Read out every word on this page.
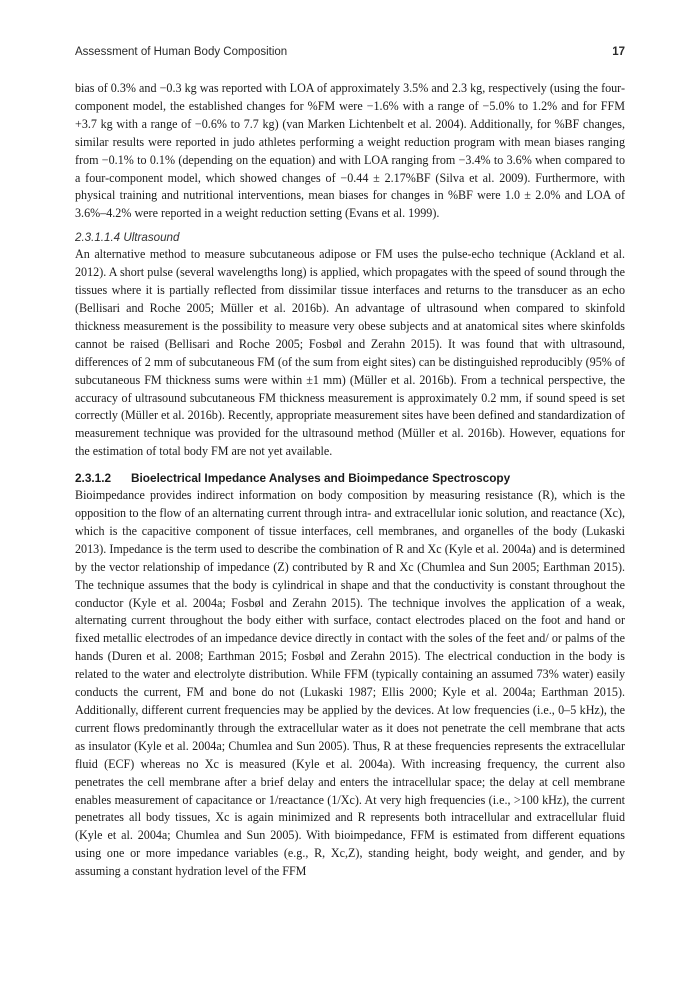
Assessment of Human Body Composition	17

bias of 0.3% and −0.3 kg was reported with LOA of approximately 3.5% and 2.3 kg, respectively (using the four-component model, the established changes for %FM were −1.6% with a range of −5.0% to 1.2% and for FFM +3.7 kg with a range of −0.6% to 7.7 kg) (van Marken Lichtenbelt et al. 2004). Additionally, for %BF changes, similar results were reported in judo athletes performing a weight reduction program with mean biases ranging from −0.1% to 0.1% (depending on the equation) and with LOA ranging from −3.4% to 3.6% when compared to a four-component model, which showed changes of −0.44 ± 2.17%BF (Silva et al. 2009). Furthermore, with physical training and nutritional interventions, mean biases for changes in %BF were 1.0 ± 2.0% and LOA of 3.6%–4.2% were reported in a weight reduction setting (Evans et al. 1999).

2.3.1.1.4 Ultrasound

An alternative method to measure subcutaneous adipose or FM uses the pulse-echo technique (Ackland et al. 2012). A short pulse (several wavelengths long) is applied, which propagates with the speed of sound through the tissues where it is partially reflected from dissimilar tissue interfaces and returns to the transducer as an echo (Bellisari and Roche 2005; Müller et al. 2016b). An advantage of ultrasound when compared to skinfold thickness measurement is the possibility to measure very obese subjects and at anatomical sites where skinfolds cannot be raised (Bellisari and Roche 2005; Fosbøl and Zerahn 2015). It was found that with ultrasound, differences of 2 mm of subcutaneous FM (of the sum from eight sites) can be distinguished reproducibly (95% of subcutaneous FM thickness sums were within ±1 mm) (Müller et al. 2016b). From a technical perspective, the accuracy of ultrasound subcutaneous FM thickness measurement is approximately 0.2 mm, if sound speed is set correctly (Müller et al. 2016b). Recently, appropriate measurement sites have been defined and standardization of measurement technique was provided for the ultrasound method (Müller et al. 2016b). However, equations for the estimation of total body FM are not yet available.

2.3.1.2 Bioelectrical Impedance Analyses and Bioimpedance Spectroscopy

Bioimpedance provides indirect information on body composition by measuring resistance (R), which is the opposition to the flow of an alternating current through intra- and extracellular ionic solution, and reactance (Xc), which is the capacitive component of tissue interfaces, cell membranes, and organelles of the body (Lukaski 2013). Impedance is the term used to describe the combination of R and Xc (Kyle et al. 2004a) and is determined by the vector relationship of impedance (Z) contributed by R and Xc (Chumlea and Sun 2005; Earthman 2015). The technique assumes that the body is cylindrical in shape and that the conductivity is constant throughout the conductor (Kyle et al. 2004a; Fosbøl and Zerahn 2015). The technique involves the application of a weak, alternating current throughout the body either with surface, contact electrodes placed on the foot and hand or fixed metallic electrodes of an impedance device directly in contact with the soles of the feet and/ or palms of the hands (Duren et al. 2008; Earthman 2015; Fosbøl and Zerahn 2015). The electrical conduction in the body is related to the water and electrolyte distribution. While FFM (typically containing an assumed 73% water) easily conducts the current, FM and bone do not (Lukaski 1987; Ellis 2000; Kyle et al. 2004a; Earthman 2015). Additionally, different current frequencies may be applied by the devices. At low frequencies (i.e., 0–5 kHz), the current flows predominantly through the extracellular water as it does not penetrate the cell membrane that acts as insulator (Kyle et al. 2004a; Chumlea and Sun 2005). Thus, R at these frequencies represents the extracellular fluid (ECF) whereas no Xc is measured (Kyle et al. 2004a). With increasing frequency, the current also penetrates the cell membrane after a brief delay and enters the intracellular space; the delay at cell membrane enables measurement of capacitance or 1/reactance (1/Xc). At very high frequencies (i.e., >100 kHz), the current penetrates all body tissues, Xc is again minimized and R represents both intracellular and extracellular fluid (Kyle et al. 2004a; Chumlea and Sun 2005). With bioimpedance, FFM is estimated from different equations using one or more impedance variables (e.g., R, Xc,Z), standing height, body weight, and gender, and by assuming a constant hydration level of the FFM
